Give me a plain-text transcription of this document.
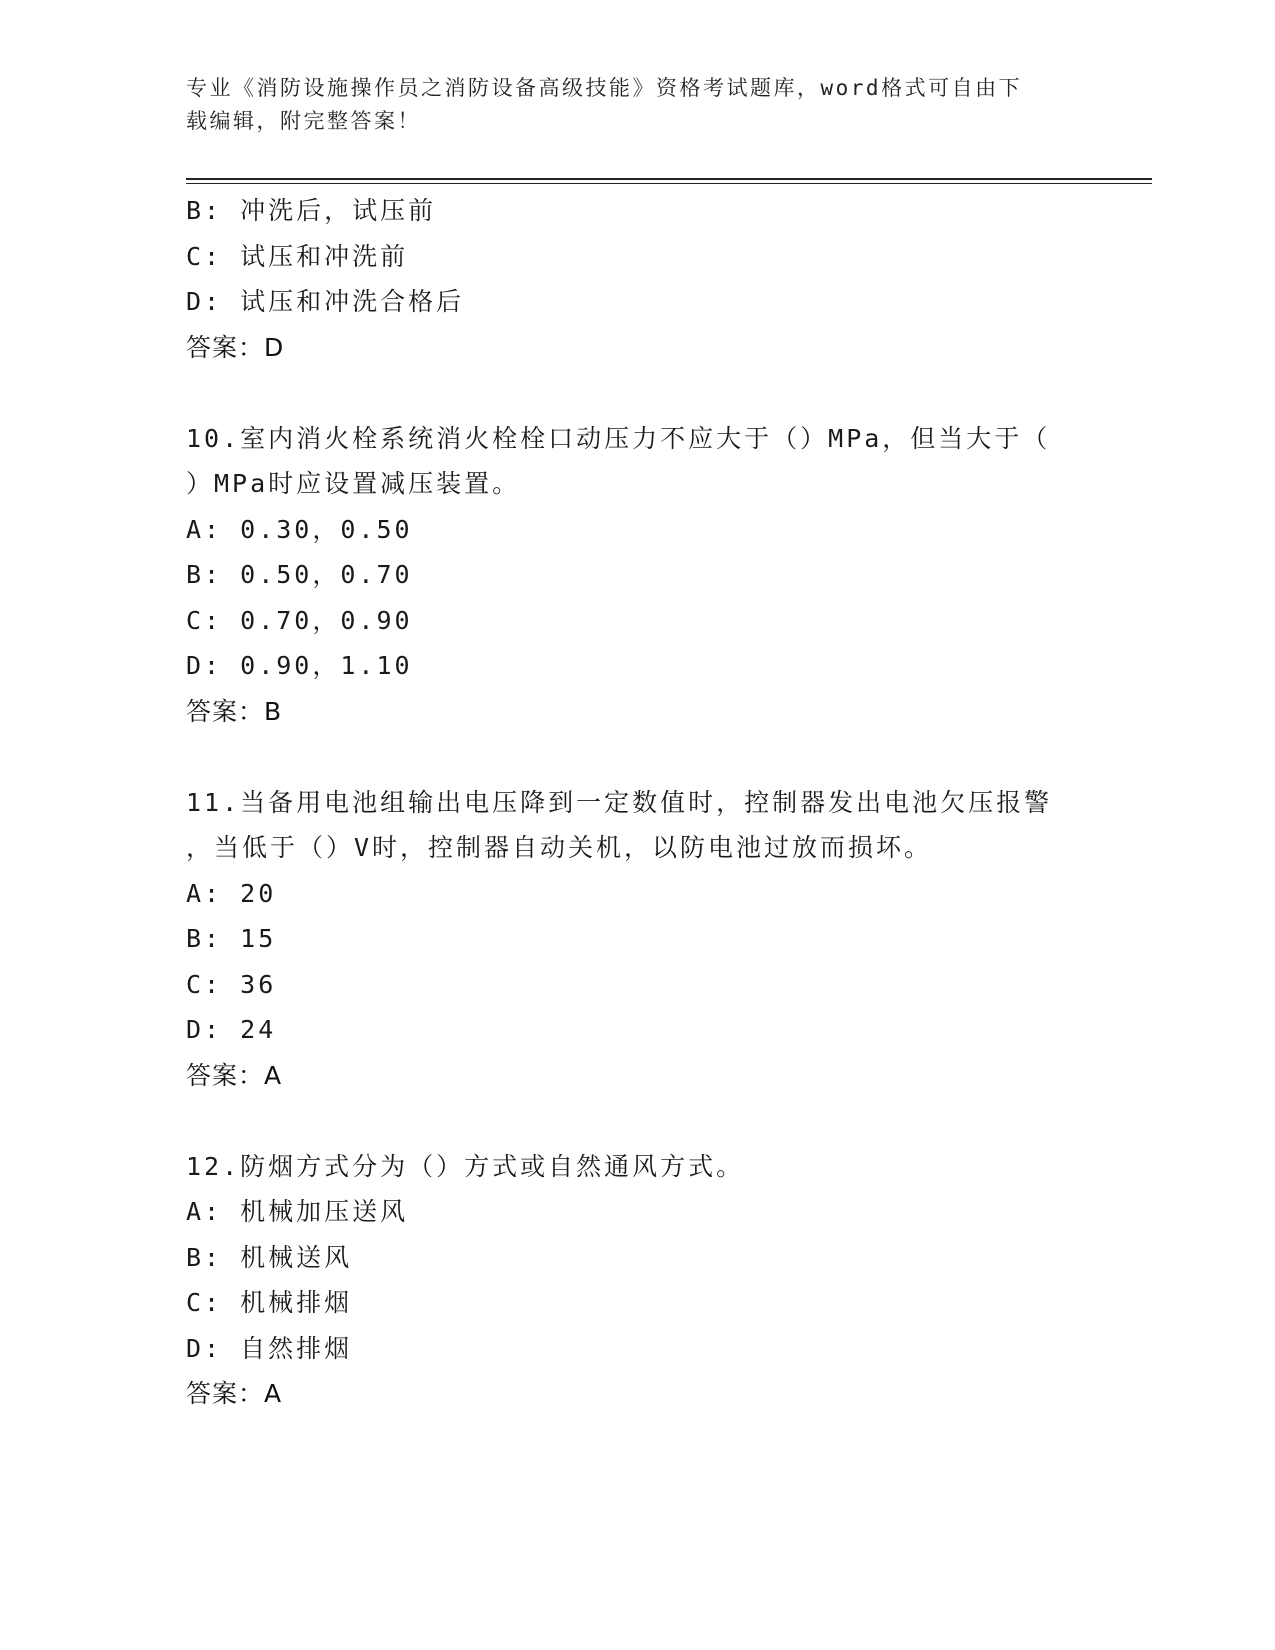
专业《消防设施操作员之消防设备高级技能》资格考试题库，word格式可自由下
载编辑，附完整答案！
B: 冲洗后，试压前
C: 试压和冲洗前
D: 试压和冲洗合格后
答案：D
10.室内消火栓系统消火栓栓口动压力不应大于（）MPa，但当大于（
）MPa时应设置减压装置。
A: 0.30，0.50
B: 0.50，0.70
C: 0.70，0.90
D: 0.90，1.10
答案：B
11.当备用电池组输出电压降到一定数值时，控制器发出电池欠压报警
，当低于（）V时，控制器自动关机，以防电池过放而损坏。
A: 20
B: 15
C: 36
D: 24
答案：A
12.防烟方式分为（）方式或自然通风方式。
A: 机械加压送风
B: 机械送风
C: 机械排烟
D: 自然排烟
答案：A
